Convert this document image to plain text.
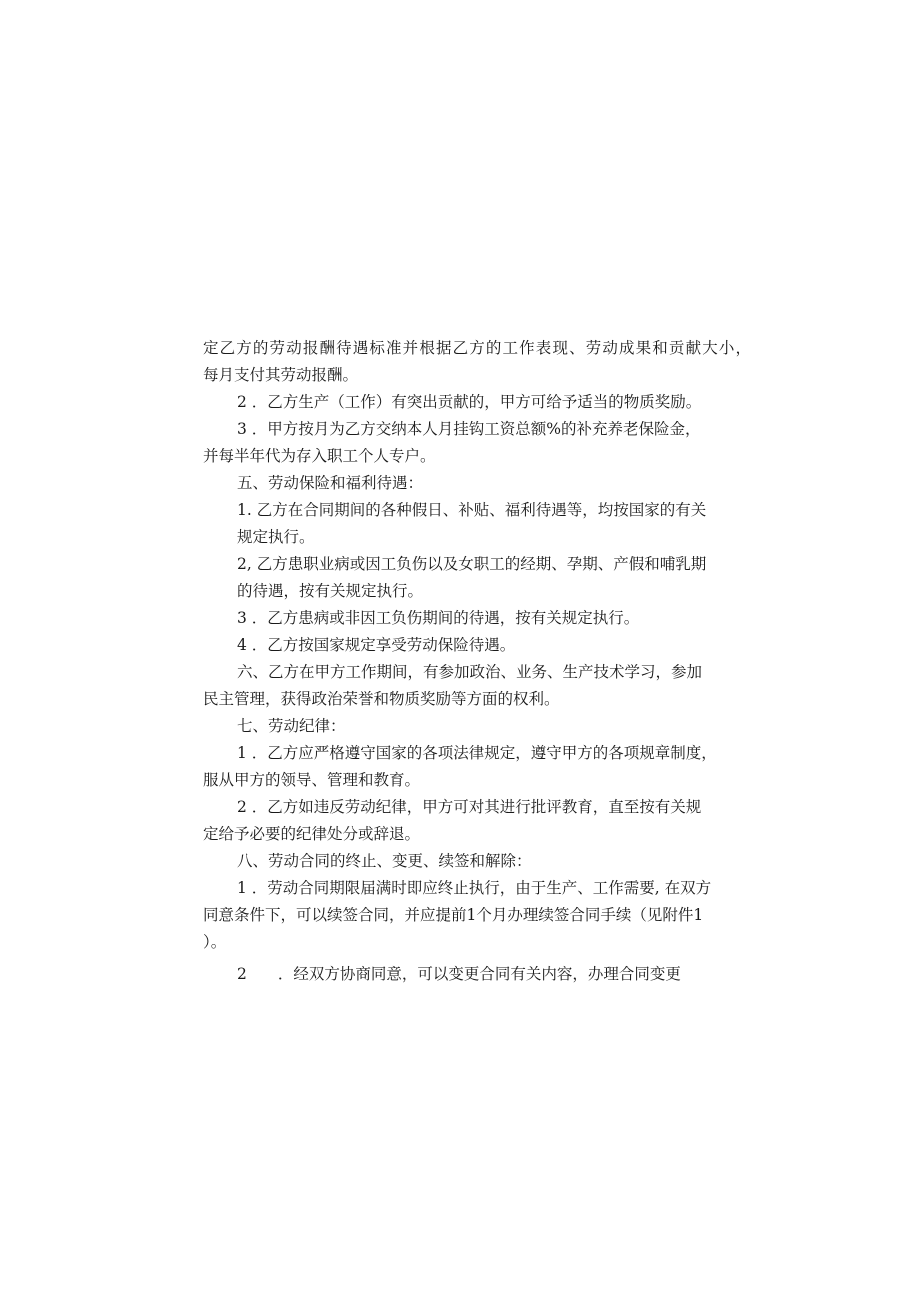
定乙方的劳动报酬待遇标准并根据乙方的工作表现、劳动成果和贡献大小，
每月支付其劳动报酬。
2 ．乙方生产（工作）有突出贡献的，甲方可给予适当的物质奖励。
3 ．甲方按月为乙方交纳本人月挂钩工资总额%的补充养老保险金，
并每半年代为存入职工个人专户。
五、劳动保险和福利待遇：
1. 乙方在合同期间的各种假日、补贴、福利待遇等，均按国家的有关
规定执行。
2, 乙方患职业病或因工负伤以及女职工的经期、孕期、产假和哺乳期
的待遇，按有关规定执行。
3 ．乙方患病或非因工负伤期间的待遇，按有关规定执行。
4 ．乙方按国家规定享受劳动保险待遇。
六、乙方在甲方工作期间，有参加政治、业务、生产技术学习，参加
民主管理，获得政治荣誉和物质奖励等方面的权利。
七、劳动纪律：
1 ．乙方应严格遵守国家的各项法律规定，遵守甲方的各项规章制度，
服从甲方的领导、管理和教育。
2 ．乙方如违反劳动纪律，甲方可对其进行批评教育，直至按有关规
定给予必要的纪律处分或辞退。
八、劳动合同的终止、变更、续签和解除：
1 ．劳动合同期限届满时即应终止执行，由于生产、工作需要, 在双方
同意条件下，可以续签合同，并应提前1个月办理续签合同手续（见附件1
）。
2　　．经双方协商同意，可以变更合同有关内容，办理合同变更
